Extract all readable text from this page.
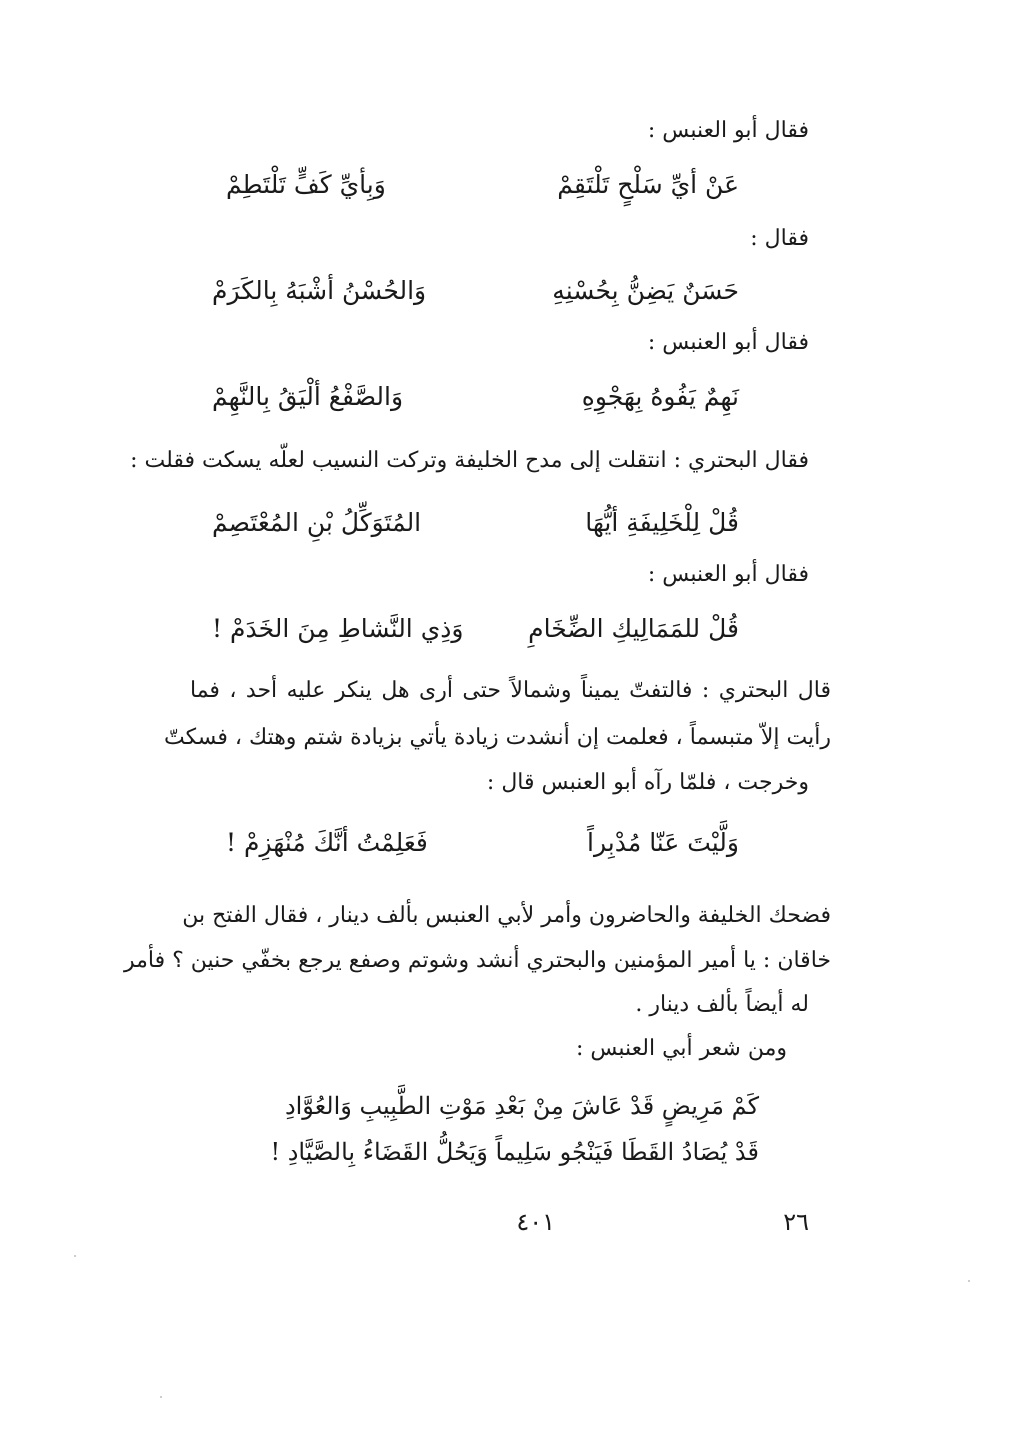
فقال أبو العنبس :
عَنْ أيِّ سَلْحٍ تَلْتَقِمْ
وَبِأيِّ كَفٍّ تَلْتَطِمْ
فقال :
حَسَنٌ يَضِنُّ بِحُسْنِهِ
وَالحُسْنُ أشْبَهُ بِالكَرَمْ
فقال أبو العنبس :
نَهِمٌ يَفُوهُ بِهَجْوِهِ
وَالصَّفْعُ ألْيَقُ بِالنَّهِمْ
فقال البحتري : انتقلت إلى مدح الخليفة وتركت النسيب لعلّه يسكت فقلت :
قُلْ لِلْخَلِيفَةِ أيُّهَا
المُتَوَكِّلُ بْنِ المُعْتَصِمْ
فقال أبو العنبس :
قُلْ للمَمَالِيكِ الضِّخَامِ
وَذِي النَّشاطِ مِنَ الخَدَمْ !
قال البحتري : فالتفتّ يميناً وشمالاً حتى أرى هل ينكر عليه أحد ، فما
رأيت إلاّ متبسماً ، فعلمت إن أنشدت زيادة يأتي بزيادة شتم وهتك ، فسكتّ
وخرجت ، فلمّا رآه أبو العنبس قال :
وَلَّيْتَ عَنّا مُدْبِراً
فَعَلِمْتُ أنَّكَ مُنْهَزِمْ !
فضحك الخليفة والحاضرون وأمر لأبي العنبس بألف دينار ، فقال الفتح بن
خاقان : يا أمير المؤمنين والبحتري أنشد وشوتم وصفع يرجع بخفّي حنين ؟ فأمر
له أيضاً بألف دينار .
ومن شعر أبي العنبس :
كَمْ مَرِيضٍ قَدْ عَاشَ مِنْ بَعْدِ مَوْتِ الطَّبِيبِ وَالعُوَّادِ
قَدْ يُصَادُ القَطَا فَيَنْجُو سَلِيماً وَيَحُلُّ القَضَاءُ بِالصَّيَّادِ !
٢٦
٤٠١
